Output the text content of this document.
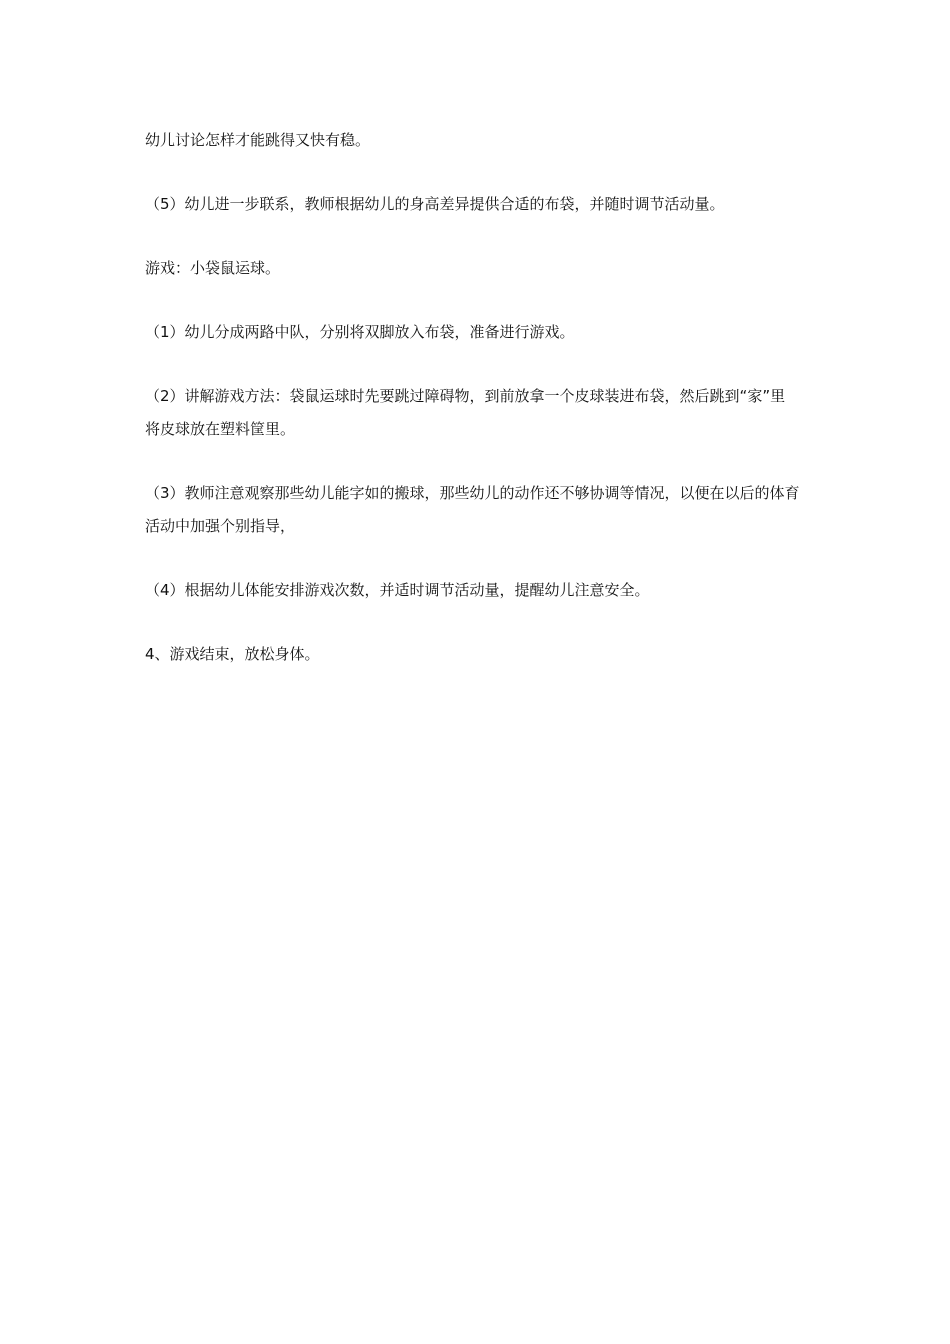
幼儿讨论怎样才能跳得又快有稳。

（5）幼儿进一步联系，教师根据幼儿的身高差异提供合适的布袋，并随时调节活动量。

游戏：小袋鼠运球。

（1）幼儿分成两路中队，分别将双脚放入布袋，准备进行游戏。

（2）讲解游戏方法：袋鼠运球时先要跳过障碍物，到前放拿一个皮球装进布袋，然后跳到“家”里将皮球放在塑料筐里。

（3）教师注意观察那些幼儿能字如的搬球，那些幼儿的动作还不够协调等情况，以便在以后的体育活动中加强个别指导，

（4）根据幼儿体能安排游戏次数，并适时调节活动量，提醒幼儿注意安全。

4、游戏结束，放松身体。
